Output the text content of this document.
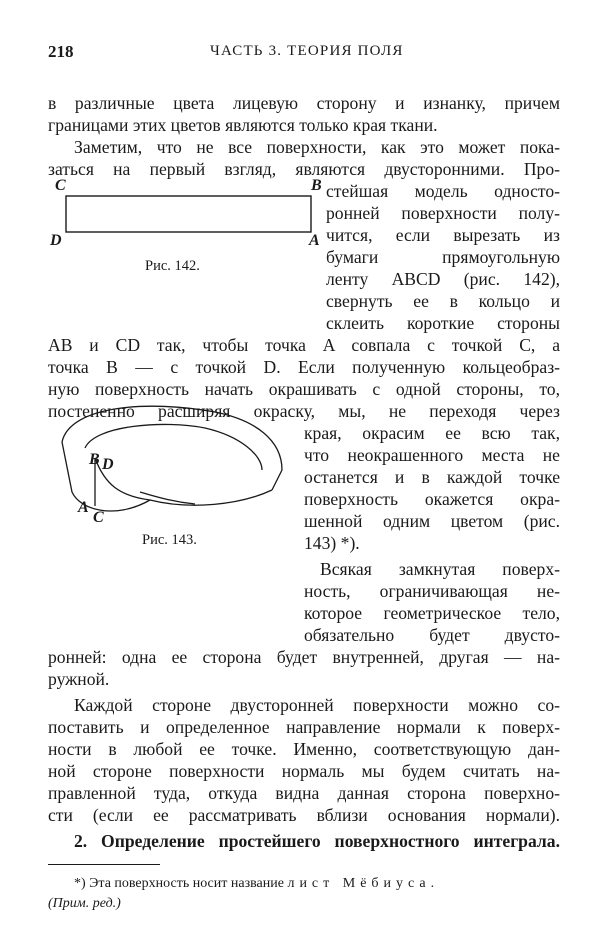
218	ЧАСТЬ 3. ТЕОРИЯ ПОЛЯ
в различные цвета лицевую сторону и изнанку, причем
границами этих цветов являются только края ткани.
Заметим, что не все поверхности, как это может пока-
заться на первый взгляд, являются двусторонними. Про-
C	B
D	A
Рис. 142.
стейшая модель односто-
ронней поверхности полу-
чится, если вырезать из
бумаги прямоугольную
ленту ABCD (рис. 142),
свернуть ее в кольцо и
склеить короткие стороны
AB и CD так, чтобы точка A совпала с точкой C, а
точка B — с точкой D. Если полученную кольцеобраз-
ную поверхность начать окрашивать с одной стороны, то,
постепенно расширяя окраску, мы, не переходя через
B D
A
C
Рис. 143.
края, окрасим ее всю так,
что неокрашенного места не
останется и в каждой точке
поверхность окажется окра-
шенной одним цветом (рис.
143) *).
Всякая замкнутая поверх-
ность, ограничивающая не-
которое геометрическое тело,
обязательно будет двусто-
ронней: одна ее сторона будет внутренней, другая — на-
ружной.
Каждой стороне двусторонней поверхности можно со-
поставить и определенное направление нормали к поверх-
ности в любой ее точке. Именно, соответствующую дан-
ной стороне поверхности нормаль мы будем считать на-
правленной туда, откуда видна данная сторона поверхно-
сти (если ее рассматривать вблизи основания нормали).
2. Определение простейшего поверхностного интеграла.
*) Эта поверхность носит название лист Мёбиуса.
(Прим. ред.)
